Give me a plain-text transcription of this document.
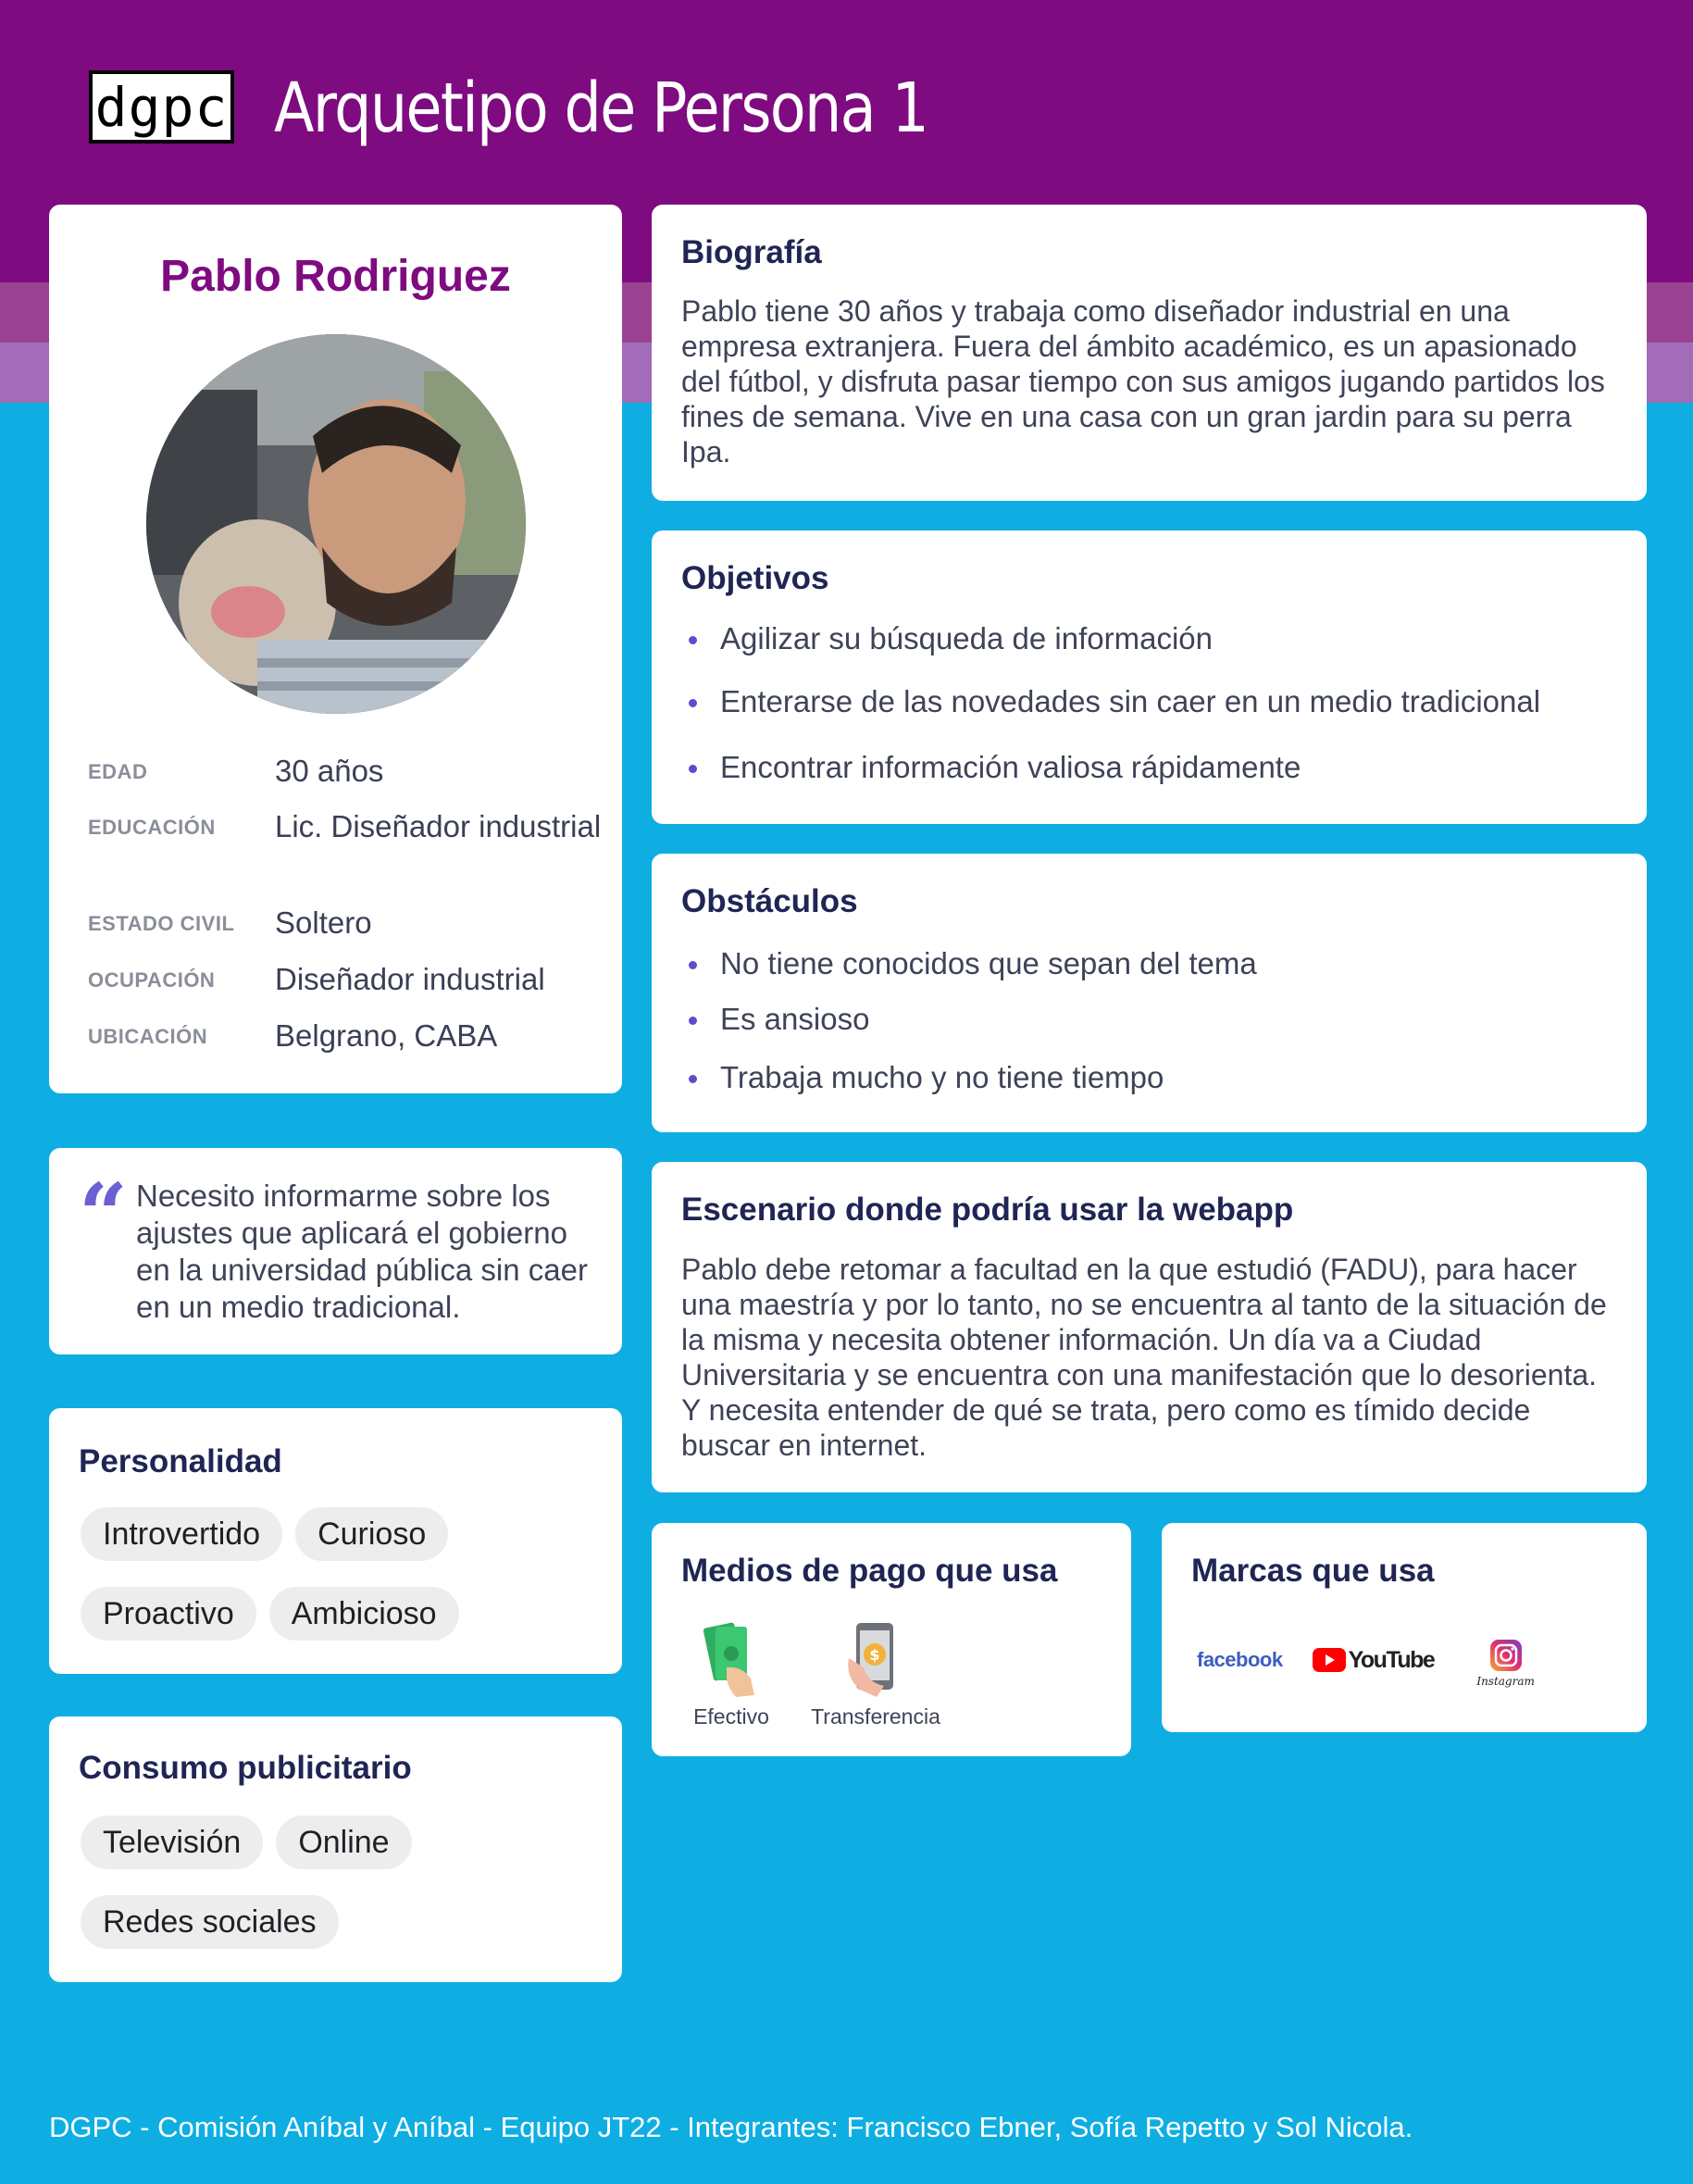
dgpc Arquetipo de Persona 1
Pablo Rodriguez
EDAD	30 años
EDUCACIÓN	Lic. Diseñador industrial
ESTADO CIVIL	Soltero
OCUPACIÓN	Diseñador industrial
UBICACIÓN	Belgrano, CABA
“ Necesito informarme sobre los ajustes que aplicará el gobierno en la universidad pública sin caer en un medio tradicional.
Personalidad
Introvertido	Curioso
Proactivo	Ambicioso
Consumo publicitario
Televisión	Online
Redes sociales
Biografía
Pablo tiene 30 años y trabaja como diseñador industrial en una empresa extranjera. Fuera del ámbito académico, es un apasionado del fútbol, y disfruta pasar tiempo con sus amigos jugando partidos los fines de semana. Vive en una casa con un gran jardin para su perra Ipa.
Objetivos
Agilizar su búsqueda de información
Enterarse de las novedades sin caer en un medio tradicional
Encontrar información valiosa rápidamente
Obstáculos
No tiene conocidos que sepan del tema
Es ansioso
Trabaja mucho y no tiene tiempo
Escenario donde podría usar la webapp
Pablo debe retomar a facultad en la que estudió (FADU), para hacer una maestría y por lo tanto, no se encuentra al tanto de la situación de la misma y necesita obtener información. Un día va a Ciudad Universitaria y se encuentra con una manifestación que lo desorienta. Y necesita entender de qué se trata, pero como es tímido decide buscar en internet.
Medios de pago que usa
Efectivo
$
Transferencia
Marcas que usa
facebook	YouTube
Instagram
DGPC - Comisión Aníbal y Aníbal - Equipo JT22 - Integrantes: Francisco Ebner, Sofía Repetto y Sol Nicola.
